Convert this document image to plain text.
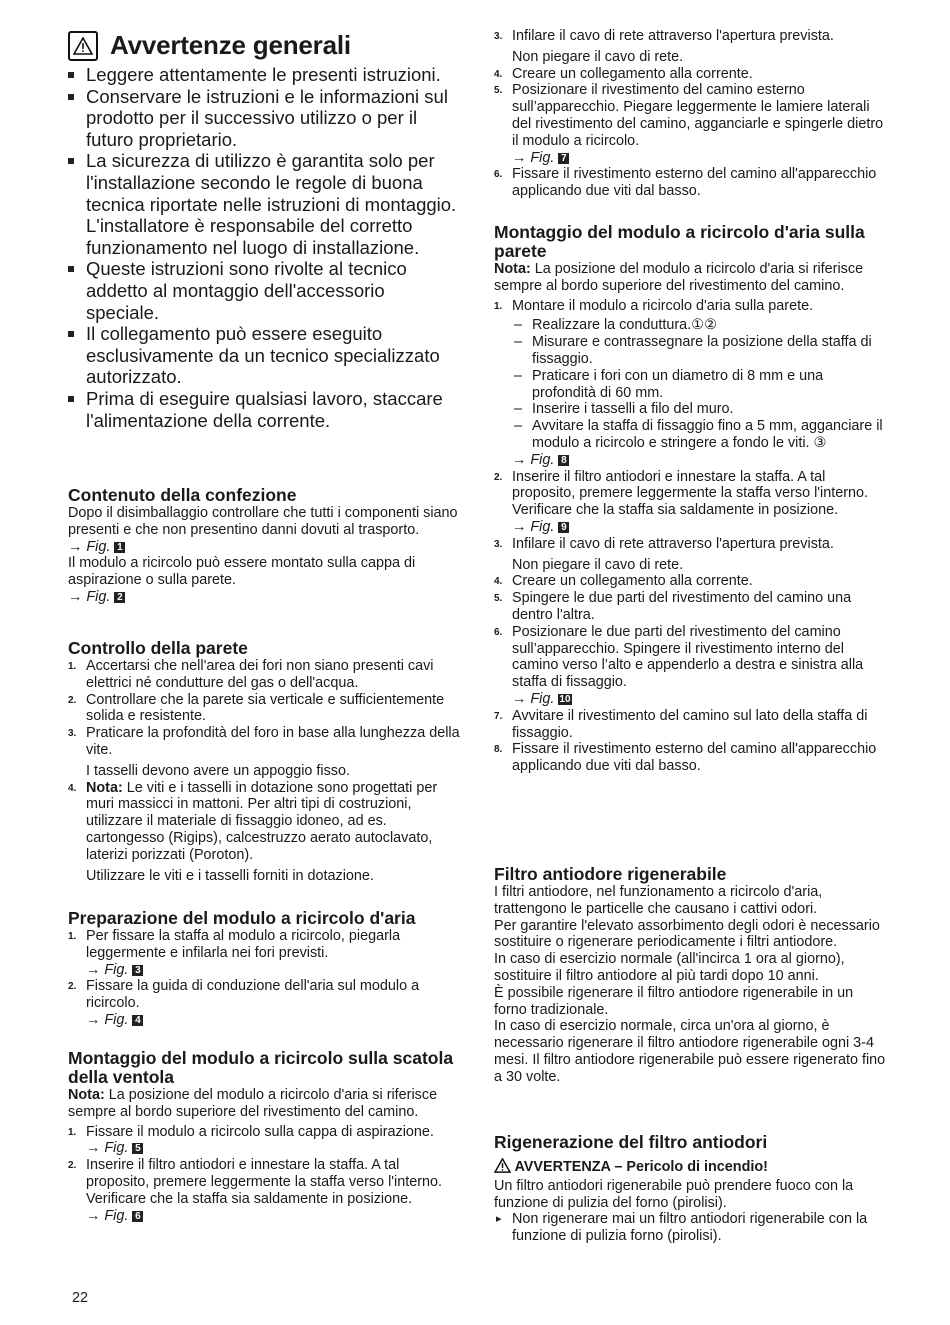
Avvertenze generali
Leggere attentamente le presenti istruzioni.
Conservare le istruzioni e le informazioni sul prodotto per il successivo utilizzo o per il futuro proprietario.
La sicurezza di utilizzo è garantita solo per l'installazione secondo le regole di buona tecnica riportate nelle istruzioni di montaggio. L'installatore è responsabile del corretto funzionamento nel luogo di installazione.
Queste istruzioni sono rivolte al tecnico addetto al montaggio dell'accessorio speciale.
Il collegamento può essere eseguito esclusivamente da un tecnico specializzato autorizzato.
Prima di eseguire qualsiasi lavoro, staccare l'alimentazione della corrente.
Contenuto della confezione

Dopo il disimballaggio controllare che tutti i componenti siano presenti e che non presentino danni dovuti al trasporto.

→ Fig. 1

Il modulo a ricircolo può essere montato sulla cappa di aspirazione o sulla parete.

→ Fig. 2
Controllo della parete
1. Accertarsi che nell'area dei fori non siano presenti cavi elettrici né condutture del gas o dell'acqua.
2. Controllare che la parete sia verticale e sufficientemente solida e resistente.
3. Praticare la profondità del foro in base alla lunghezza della vite.
I tasselli devono avere un appoggio fisso.
4. Nota: Le viti e i tasselli in dotazione sono progettati per muri massicci in mattoni. Per altri tipi di costruzioni, utilizzare il materiale di fissaggio idoneo, ad es. cartongesso (Rigips), calcestruzzo aerato autoclavato, laterizi porizzati (Poroton).
Utilizzare le viti e i tasselli forniti in dotazione.
Preparazione del modulo a ricircolo d'aria
1. Per fissare la staffa al modulo a ricircolo, piegarla leggermente e infilarla nei fori previsti.
→ Fig. 3
2. Fissare la guida di conduzione dell'aria sul modulo a ricircolo.
→ Fig. 4
Montaggio del modulo a ricircolo sulla scatola della ventola

Nota: La posizione del modulo a ricircolo d'aria si riferisce sempre al bordo superiore del rivestimento del camino.

1. Fissare il modulo a ricircolo sulla cappa di aspirazione.
→ Fig. 5
2. Inserire il filtro antiodori e innestare la staffa. A tal proposito, premere leggermente la staffa verso l'interno. Verificare che la staffa sia saldamente in posizione.
→ Fig. 6
22
3. Infilare il cavo di rete attraverso l'apertura prevista.
Non piegare il cavo di rete.
4. Creare un collegamento alla corrente.
5. Posizionare il rivestimento del camino esterno sull’apparecchio. Piegare leggermente le lamiere laterali del rivestimento del camino, agganciarle e spingerle dietro il modulo a ricircolo.
→ Fig. 7
6. Fissare il rivestimento esterno del camino all'apparecchio applicando due viti dal basso.
Montaggio del modulo a ricircolo d'aria sulla parete

Nota: La posizione del modulo a ricircolo d'aria si riferisce sempre al bordo superiore del rivestimento del camino.

1. Montare il modulo a ricircolo d'aria sulla parete.
– Realizzare la conduttura.①②
– Misurare e contrassegnare la posizione della staffa di fissaggio.
– Praticare i fori con un diametro di 8 mm e una profondità di 60 mm.
– Inserire i tasselli a filo del muro.
– Avvitare la staffa di fissaggio fino a 5 mm, agganciare il modulo a ricircolo e stringere a fondo le viti. ③
→ Fig. 8
2. Inserire il filtro antiodori e innestare la staffa. A tal proposito, premere leggermente la staffa verso l'interno. Verificare che la staffa sia saldamente in posizione.
→ Fig. 9
3. Infilare il cavo di rete attraverso l'apertura prevista.
Non piegare il cavo di rete.
4. Creare un collegamento alla corrente.
5. Spingere le due parti del rivestimento del camino una dentro l'altra.
6. Posizionare le due parti del rivestimento del camino sull’apparecchio. Spingere il rivestimento interno del camino verso l’alto e appenderlo a destra e sinistra alla staffa di fissaggio.
→ Fig. 10
7. Avvitare il rivestimento del camino sul lato della staffa di fissaggio.
8. Fissare il rivestimento esterno del camino all'apparecchio applicando due viti dal basso.
Filtro antiodore rigenerabile

I filtri antiodore, nel funzionamento a ricircolo d'aria, trattengono le particelle che causano i cattivi odori.

Per garantire l'elevato assorbimento degli odori è necessario sostituire o rigenerare periodicamente i filtri antiodore.

In caso di esercizio normale (all'incirca 1 ora al giorno), sostituire il filtro antiodore al più tardi dopo 10 anni.

È possibile rigenerare il filtro antiodore rigenerabile in un forno tradizionale.

In caso di esercizio normale, circa un'ora al giorno, è necessario rigenerare il filtro antiodore rigenerabile ogni 3-4 mesi. Il filtro antiodore rigenerabile può essere rigenerato fino a 30 volte.

Rigenerazione del filtro antiodori
AVVERTENZA – Pericolo di incendio!

Un filtro antiodori rigenerabile può prendere fuoco con la funzione di pulizia del forno (pirolisi).

▸ Non rigenerare mai un filtro antiodori rigenerabile con la funzione di pulizia forno (pirolisi).
